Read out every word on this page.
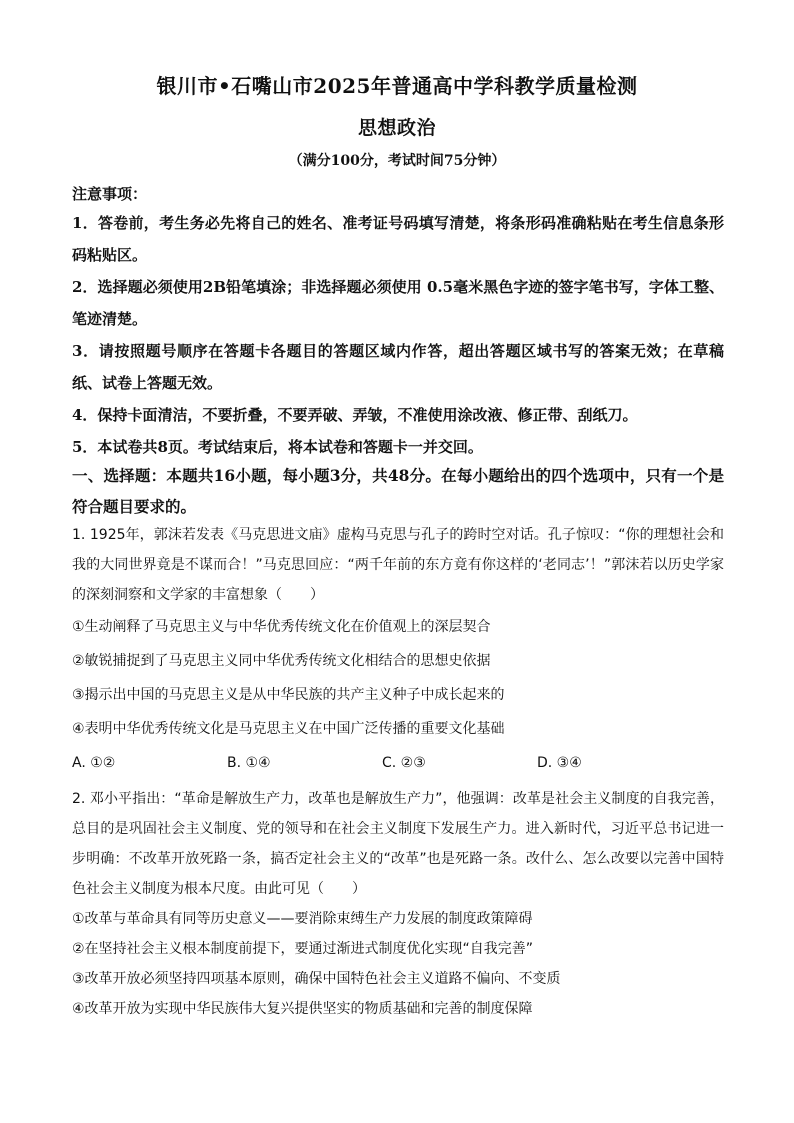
银川市•石嘴山市2025年普通高中学科教学质量检测
思想政治
（满分100分，考试时间75分钟）
注意事项：
1．答卷前，考生务必先将自己的姓名、准考证号码填写清楚，将条形码准确粘贴在考生信息条形码粘贴区。
2．选择题必须使用2B铅笔填涂；非选择题必须使用 0.5毫米黑色字迹的签字笔书写，字体工整、笔迹清楚。
3．请按照题号顺序在答题卡各题目的答题区域内作答，超出答题区域书写的答案无效；在草稿纸、试卷上答题无效。
4．保持卡面清洁，不要折叠，不要弄破、弄皱，不准使用涂改液、修正带、刮纸刀。
5．本试卷共8页。考试结束后，将本试卷和答题卡一并交回。
一、选择题：本题共16小题，每小题3分，共48分。在每小题给出的四个选项中，只有一个是符合题目要求的。
1. 1925年，郭沫若发表《马克思进文庙》虚构马克思与孔子的跨时空对话。孔子惊叹：“你的理想社会和我的大同世界竟是不谋而合！”马克思回应：“两千年前的东方竟有你这样的‘老同志’！”郭沫若以历史学家的深刻洞察和文学家的丰富想象（　　）
①生动阐释了马克思主义与中华优秀传统文化在价值观上的深层契合
②敏锐捕捉到了马克思主义同中华优秀传统文化相结合的思想史依据
③揭示出中国的马克思主义是从中华民族的共产主义种子中成长起来的
④表明中华优秀传统文化是马克思主义在中国广泛传播的重要文化基础
A. ①②	B. ①④	C. ②③	D. ③④
2. 邓小平指出：“革命是解放生产力，改革也是解放生产力”，他强调：改革是社会主义制度的自我完善，总目的是巩固社会主义制度、党的领导和在社会主义制度下发展生产力。进入新时代，习近平总书记进一步明确：不改革开放死路一条，搞否定社会主义的“改革”也是死路一条。改什么、怎么改要以完善中国特色社会主义制度为根本尺度。由此可见（　　）
①改革与革命具有同等历史意义——要消除束缚生产力发展的制度政策障碍
②在坚持社会主义根本制度前提下，要通过渐进式制度优化实现“自我完善”
③改革开放必须坚持四项基本原则，确保中国特色社会主义道路不偏向、不变质
④改革开放为实现中华民族伟大复兴提供坚实的物质基础和完善的制度保障
